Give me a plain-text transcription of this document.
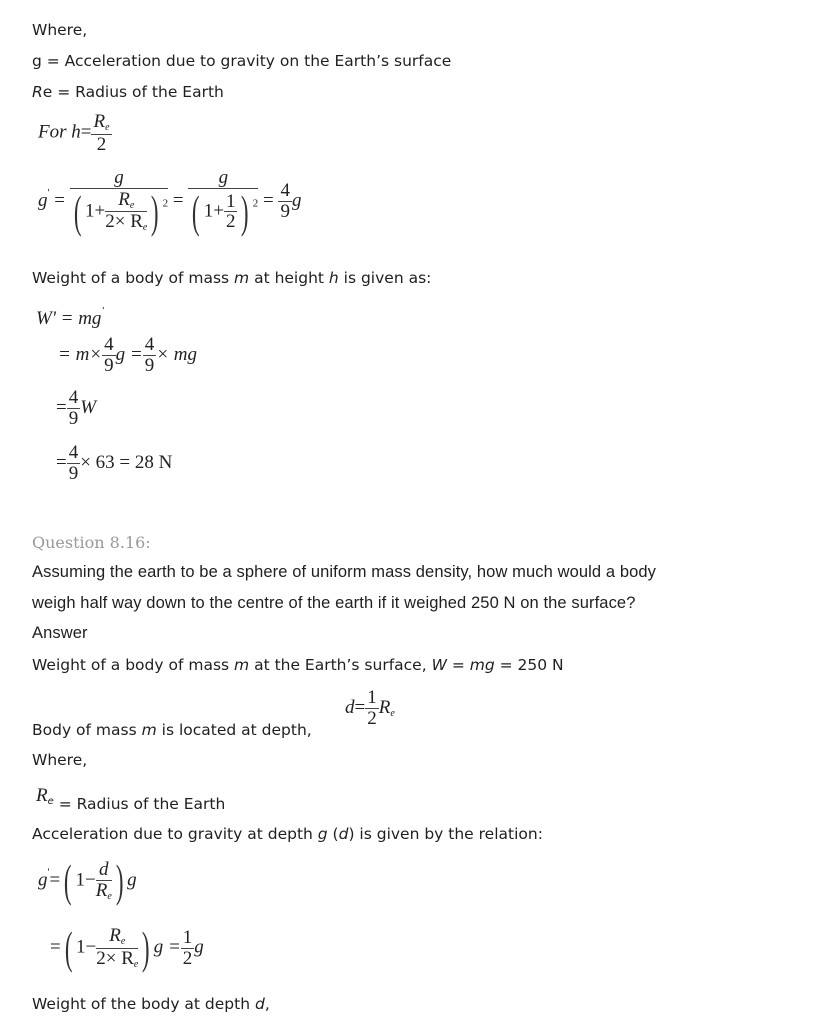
Where,
g = Acceleration due to gravity on the Earth’s surface
Re = Radius of the Earth
For $h= \frac{R_e}{2}$
$g' = \frac{g}{( 1+ \frac{R_e}{2\times R_e} ) ^2} = \frac{g}{( 1+ \frac{1}{2} ) ^2} = \frac{4}{9}$ g
Weight of a body of mass m at height h is given as:
W' = mg'
= $m\times \frac{4}{9}$ $g = \frac{4}{9}$ × mg
= $\frac{4}{9}$ W
= $\frac{4}{9} \times 63 = 28$ N
Question 8.16:
Assuming the earth to be a sphere of uniform mass density, how much would a body
weigh half way down to the centre of the earth if it weighed 250 N on the surface?
Answer
Weight of a body of mass m at the Earth’s surface, W = mg = 250 N
Body of mass m is located at depth,
$d= \frac{1}{2} R_e$
Where,
$R^e$ = Radius of the Earth
Acceleration due to gravity at depth g (d) is given by the relation:
g'=( $1- \frac{d}{R_e}$ ) g
=( $1- \frac{R_e}{2\times R_e}$ ) $g = \frac{1}{2}$ g
Weight of the body at depth d,
